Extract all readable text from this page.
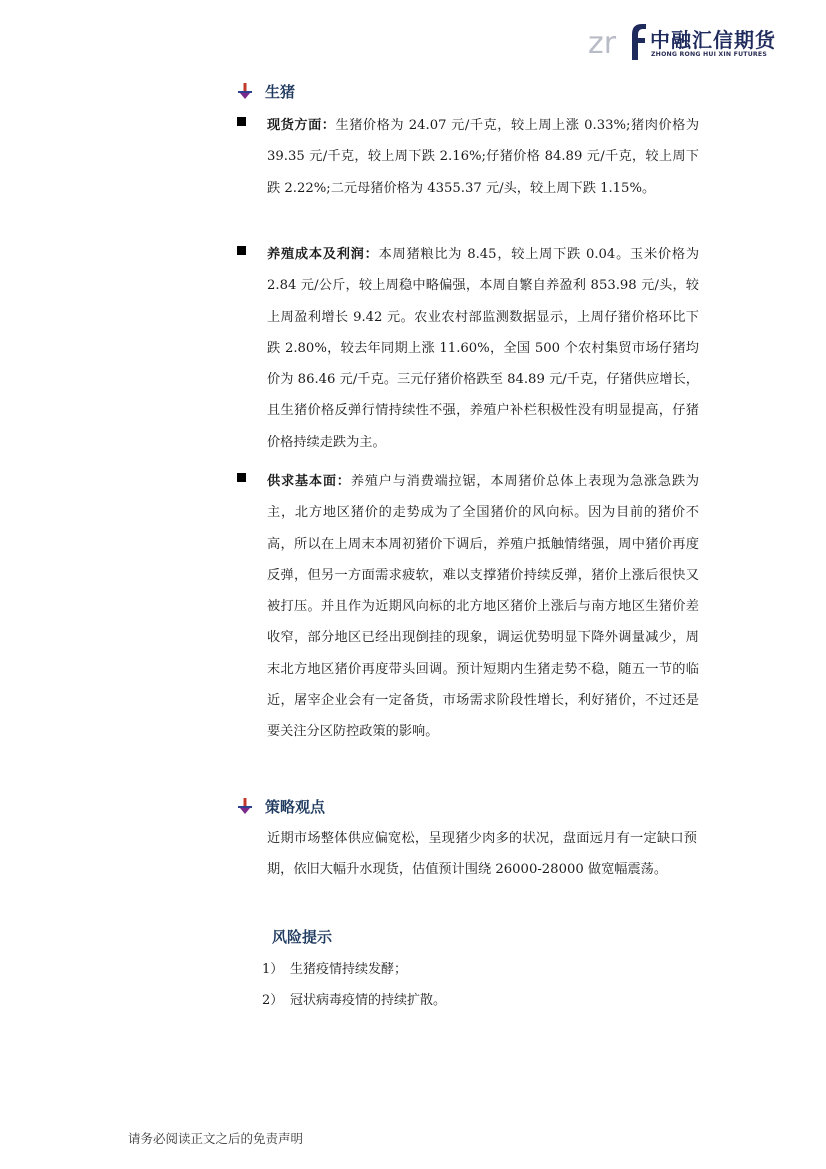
zr 中融汇信期货
ZHONG RONG HUI XIN FUTURES
生猪
现货方面：生猪价格为 24.07 元/千克，较上周上涨 0.33%;猪肉价格为 39.35 元/千克，较上周下跌 2.16%;仔猪价格 84.89 元/千克，较上周下跌 2.22%;二元母猪价格为 4355.37 元/头，较上周下跌 1.15%。
养殖成本及利润：本周猪粮比为 8.45，较上周下跌 0.04。玉米价格为 2.84 元/公斤，较上周稳中略偏强，本周自繁自养盈利 853.98 元/头，较上周盈利增长 9.42 元。农业农村部监测数据显示，上周仔猪价格环比下跌 2.80%，较去年同期上涨 11.60%，全国 500 个农村集贸市场仔猪均价为 86.46 元/千克。三元仔猪价格跌至 84.89 元/千克，仔猪供应增长，且生猪价格反弹行情持续性不强，养殖户补栏积极性没有明显提高，仔猪价格持续走跌为主。
供求基本面：养殖户与消费端拉锯，本周猪价总体上表现为急涨急跌为主，北方地区猪价的走势成为了全国猪价的风向标。因为目前的猪价不高，所以在上周末本周初猪价下调后，养殖户抵触情绪强，周中猪价再度反弹，但另一方面需求疲软，难以支撑猪价持续反弹，猪价上涨后很快又被打压。并且作为近期风向标的北方地区猪价上涨后与南方地区生猪价差收窄，部分地区已经出现倒挂的现象，调运优势明显下降外调量减少，周末北方地区猪价再度带头回调。预计短期内生猪走势不稳，随五一节的临近，屠宰企业会有一定备货，市场需求阶段性增长，利好猪价，不过还是要关注分区防控政策的影响。
策略观点
近期市场整体供应偏宽松，呈现猪少肉多的状况，盘面远月有一定缺口预期，依旧大幅升水现货，估值预计围绕 26000-28000 做宽幅震荡。
风险提示
1） 生猪疫情持续发酵；
2） 冠状病毒疫情的持续扩散。
请务必阅读正文之后的免责声明
